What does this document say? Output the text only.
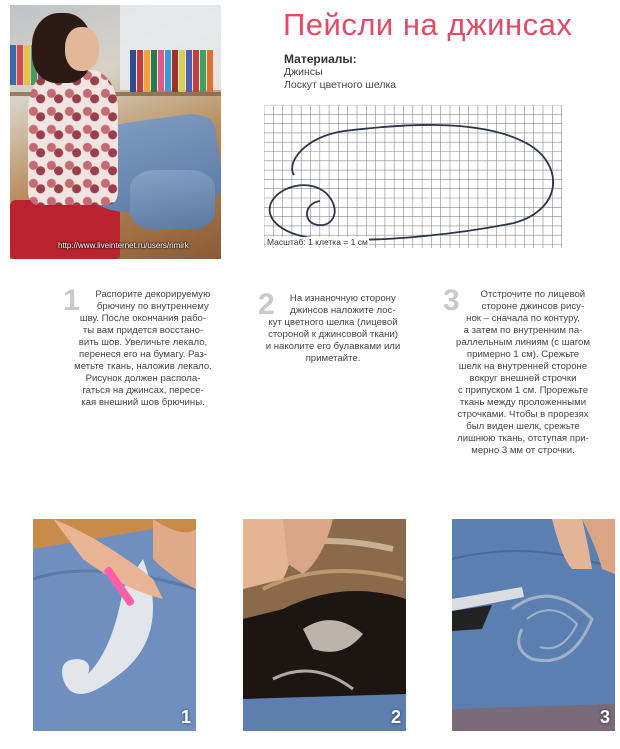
http://www.liveinternet.ru/users/rimirk
Пейсли на джинсах
Материалы:
Джинсы
Лоскут цветного шелка
Масштаб: 1 клетка = 1 см
1	Распорите декорируемую
брючину по внутреннему
шву. После окончания рабо-
ты вам придется восстано-
вить шов. Увеличьте лекало,
перенеся его на бумагу. Раз-
метьте ткань, наложив лекало.
Рисунок должен располa-
гаться на джинсах, пересе-
кая внешний шов брючины.
2	На изнаночную сторону
джинсов наложите лос-
кут цветного шелка (лицевой
стороной к джинсовой ткани)
и наколите его булавками или
приметайте.
3	Отстрочите по лицевой
стороне джинсов рису-
нок – сначала по контуру,
а затем по внутренним па-
раллельным линиям (с шагом
примерно 1 см). Срежьте
шелк на внутренней стороне
вокруг внешней строчки
с припуском 1 см. Прорежьте
ткань между проложенными
строчками. Чтобы в прорезях
был виден шелк, срежьте
лишнюю ткань, отступая при-
мерно 3 мм от строчки.
1	2	3
